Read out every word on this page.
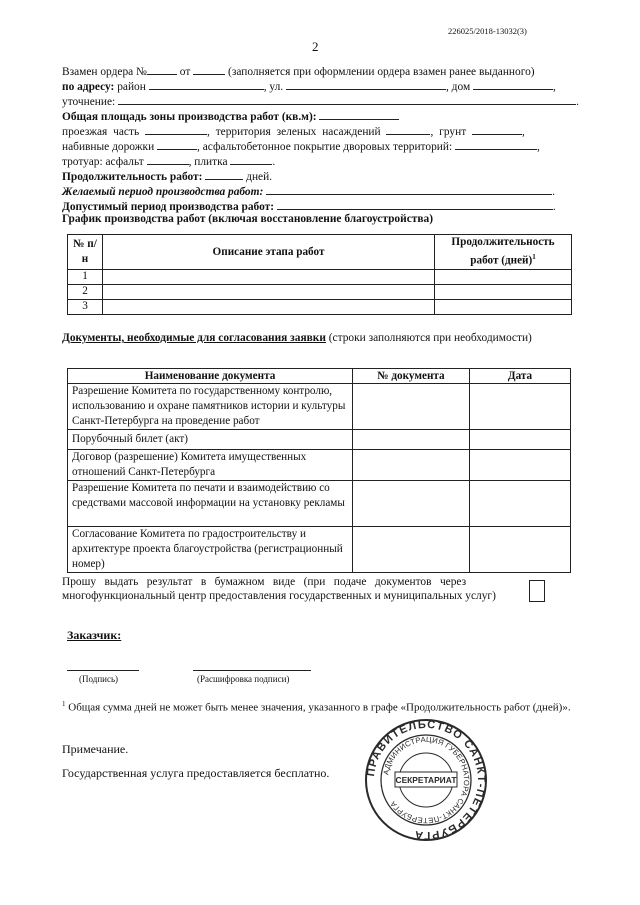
226025/2018-13032(3)
2
Взамен ордера №	от	(заполняется при оформлении ордера взамен ранее выданного)
по адресу: район	, ул.	, дом	,
уточнение:	.
Общая площадь зоны производства работ (кв.м):
проезжая часть	, территория зеленых насаждений	, грунт	,
набивные дорожки	, асфальтобетонное покрытие дворовых территорий:	,
тротуар: асфальт	, плитка	.
Продолжительность работ:	дней.
Желаемый период производства работ:	.
Допустимый период производства работ:	.
График производства работ (включая восстановление благоустройства)
№ п/н	Описание этапа работ	Продолжительность работ (дней)$^1$
1		
2		
3		
Документы, необходимые для согласования заявки (строки заполняются при необходимости)
Наименование документа	№ документа	Дата
Разрешение Комитета по государственному контролю, использованию и охране памятников истории и культуры Санкт-Петербурга на проведение работ		
Порубочный билет (акт)		
Договор (разрешение) Комитета имущественных отношений Санкт-Петербурга		
Разрешение Комитета по печати и взаимодействию со средствами массовой информации на установку рекламы		
Согласование Комитета по градостроительству и архитектуре проекта благоустройства (регистрационный номер)		
Прошу выдать результат в бумажном виде (при подаче документов через
многофункциональный центр предоставления государственных и муниципальных услуг)
Заказчик:
(Подпись)	(Расшифровка подписи)
$^1$ Общая сумма дней не может быть менее значения, указанного в графе «Продолжительность работ (дней)».
Примечание.
Государственная услуга предоставляется бесплатно.	ПРАВИТЕЛЬСТВО САНКТ-ПЕТЕРБУРГА
АДМИНИСТРАЦИЯ ГУБЕРНАТОРА САНКТ-ПЕТЕРБУРГА
СЕКРЕТАРИАТ
